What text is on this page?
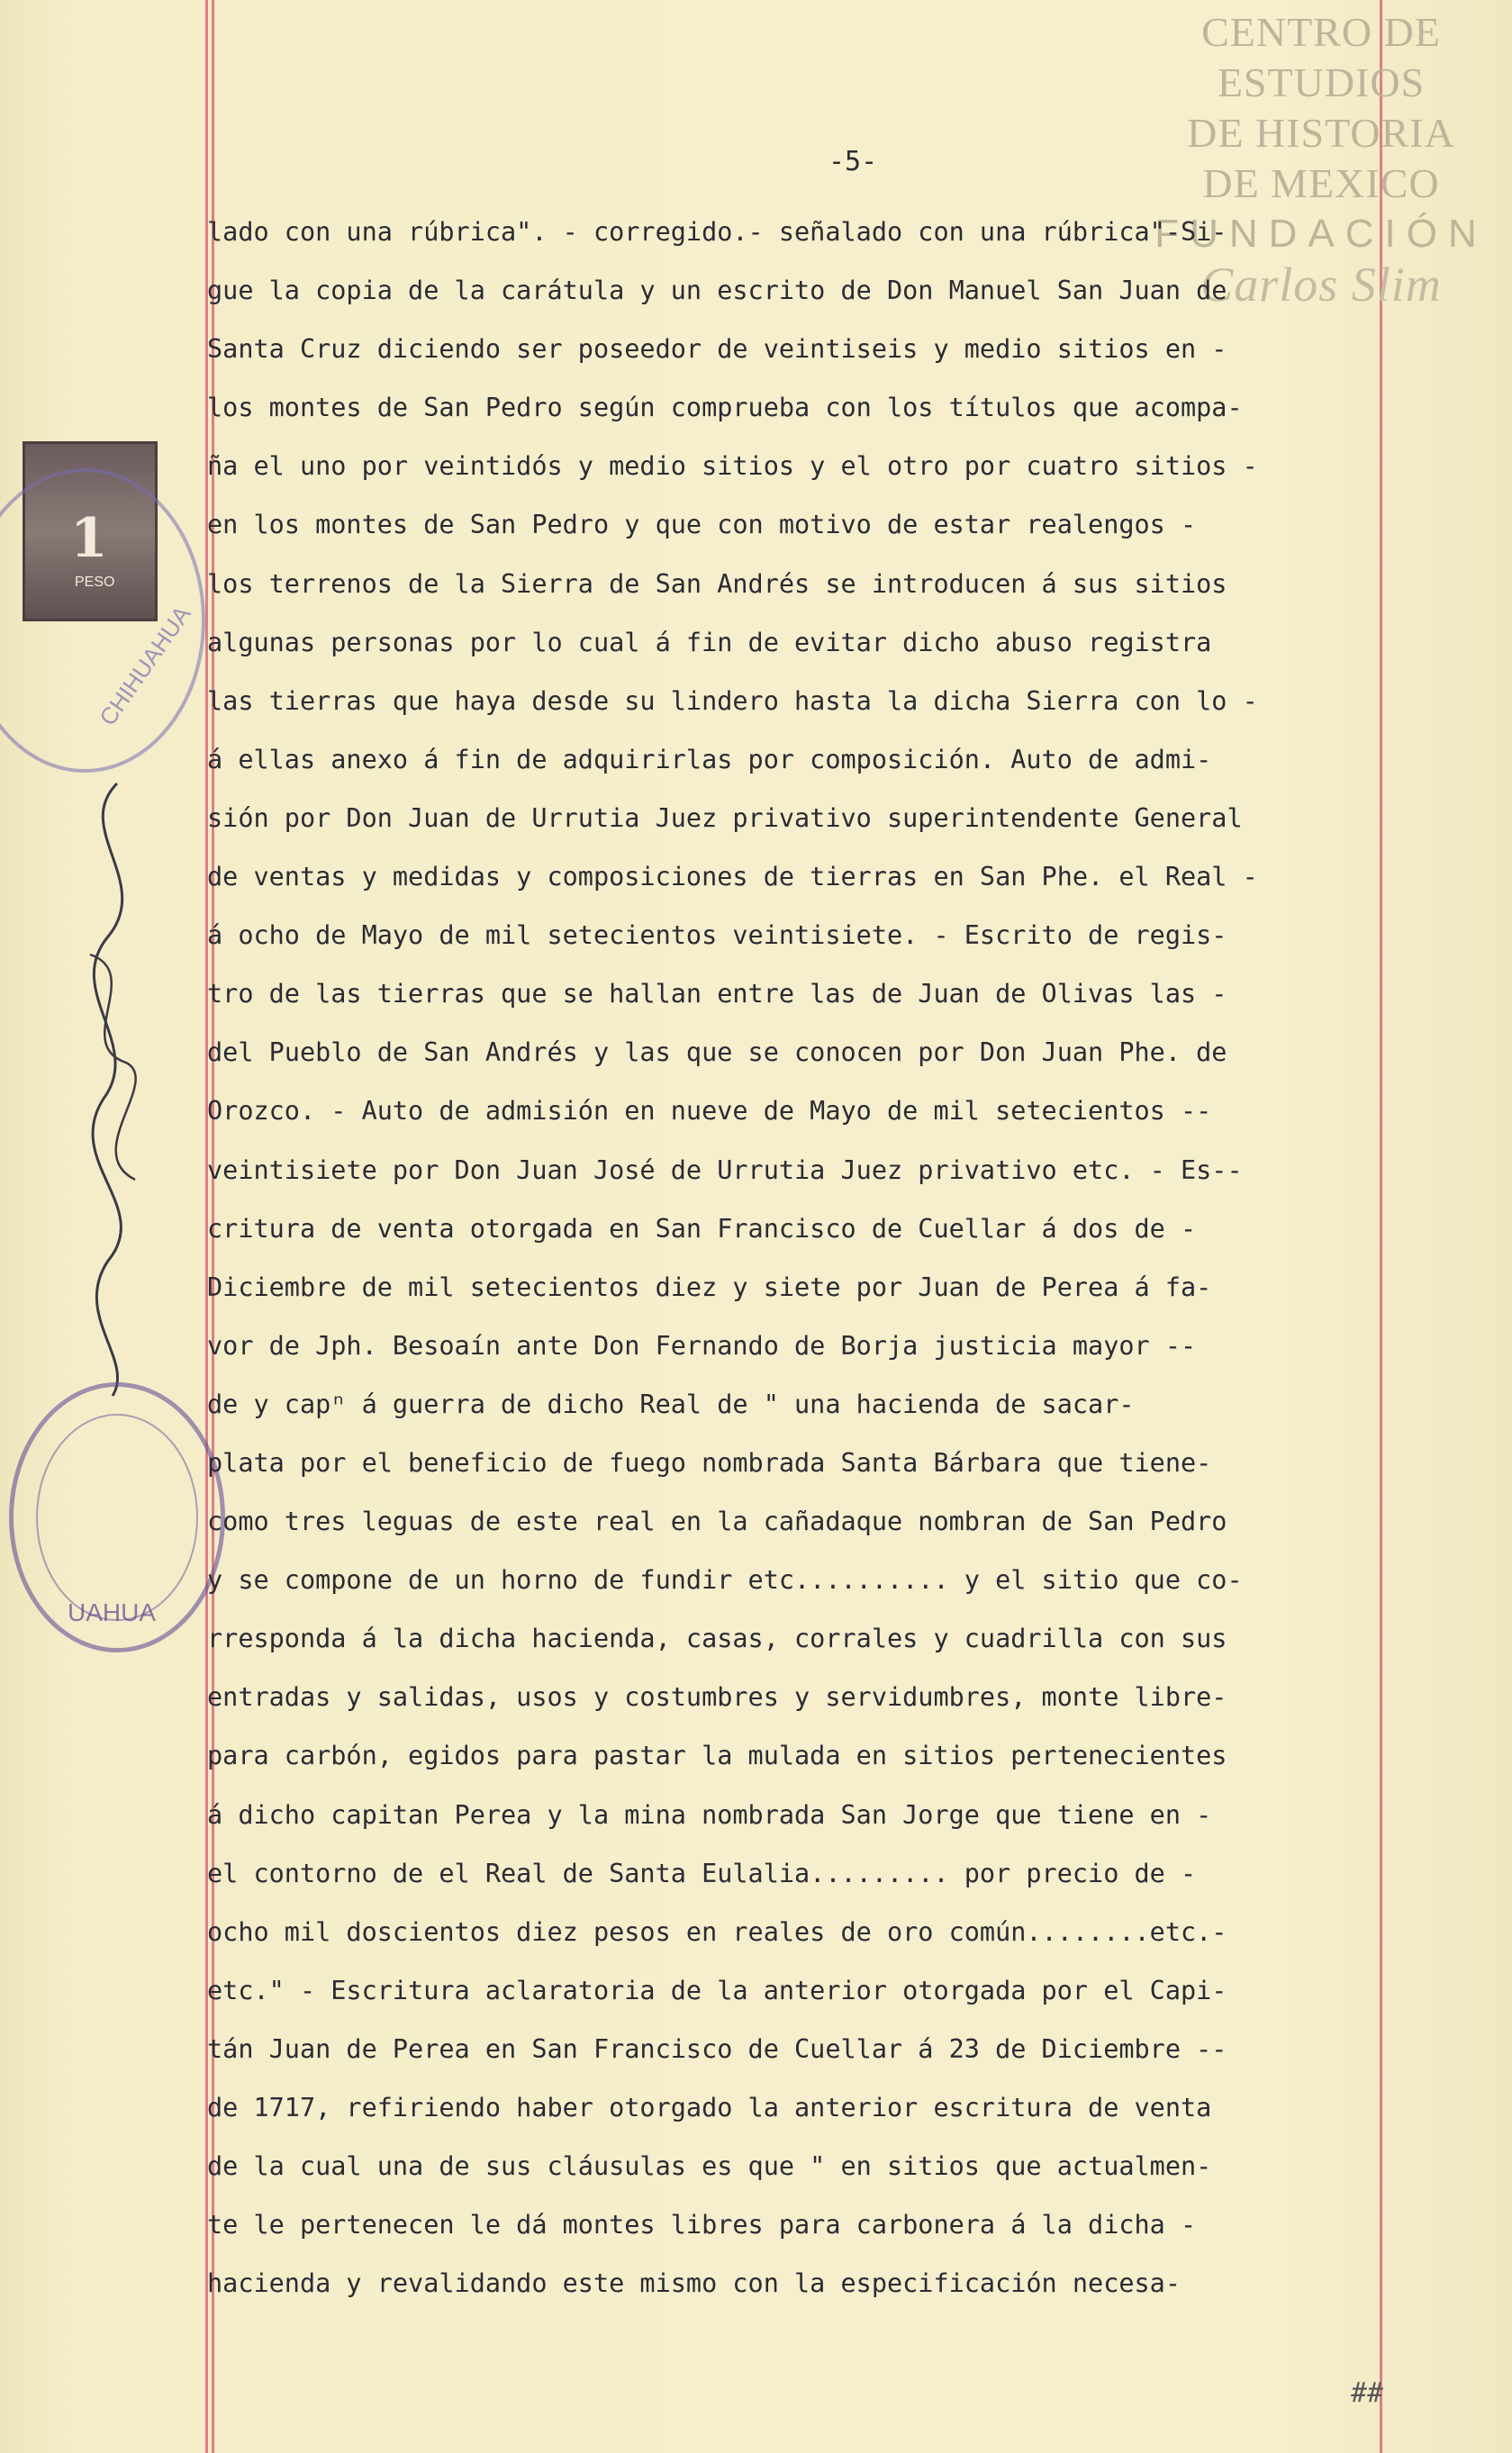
CENTRO DE
ESTUDIOS
DE HISTORIA
DE MEXICO
FUNDACIÓN
Carlos Slim
-5-
1
PESO
CHIHUAHUA
UAHUA
lado con una rúbrica". - corregido.- señalado con una rúbrica"-Si-
gue la copia de la carátula y un escrito de Don Manuel San Juan de
Santa Cruz diciendo ser poseedor de veintiseis y medio sitios en -
los montes de San Pedro según comprueba con los títulos que acompa-
ña el uno por veintidós y medio sitios y el otro por cuatro sitios -
en los montes de San Pedro y que con motivo de estar realengos -
los terrenos de la Sierra de San Andrés se introducen á sus sitios
algunas personas por lo cual á fin de evitar dicho abuso registra
las tierras que haya desde su lindero hasta la dicha Sierra con lo -
á ellas anexo á fin de adquirirlas por composición. Auto de admi-
sión por Don Juan de Urrutia Juez privativo superintendente General
de ventas y medidas y composiciones de tierras en San Phe. el Real -
á ocho de Mayo de mil setecientos veintisiete. - Escrito de regis-
tro de las tierras que se hallan entre las de Juan de Olivas las -
del Pueblo de San Andrés y las que se conocen por Don Juan Phe. de
Orozco. - Auto de admisión en nueve de Mayo de mil setecientos --
veintisiete por Don Juan José de Urrutia Juez privativo etc. - Es--
critura de venta otorgada en San Francisco de Cuellar á dos de -
Diciembre de mil setecientos diez y siete por Juan de Perea á fa-
vor de Jph. Besoaín ante Don Fernando de Borja justicia mayor --
de y capⁿ á guerra de dicho Real de " una hacienda de sacar-
plata por el beneficio de fuego nombrada Santa Bárbara que tiene-
como tres leguas de este real en la cañadaque nombran de San Pedro
y se compone de un horno de fundir etc.......... y el sitio que co-
rresponda á la dicha hacienda, casas, corrales y cuadrilla con sus
entradas y salidas, usos y costumbres y servidumbres, monte libre-
para carbón, egidos para pastar la mulada en sitios pertenecientes
á dicho capitan Perea y la mina nombrada San Jorge que tiene en -
el contorno de el Real de Santa Eulalia......... por precio de -
ocho mil doscientos diez pesos en reales de oro común........etc.-
etc." - Escritura aclaratoria de la anterior otorgada por el Capi-
tán Juan de Perea en San Francisco de Cuellar á 23 de Diciembre --
de 1717, refiriendo haber otorgado la anterior escritura de venta
de la cual una de sus cláusulas es que " en sitios que actualmen-
te le pertenecen le dá montes libres para carbonera á la dicha -
hacienda y revalidando este mismo con la especificación necesa-
##
